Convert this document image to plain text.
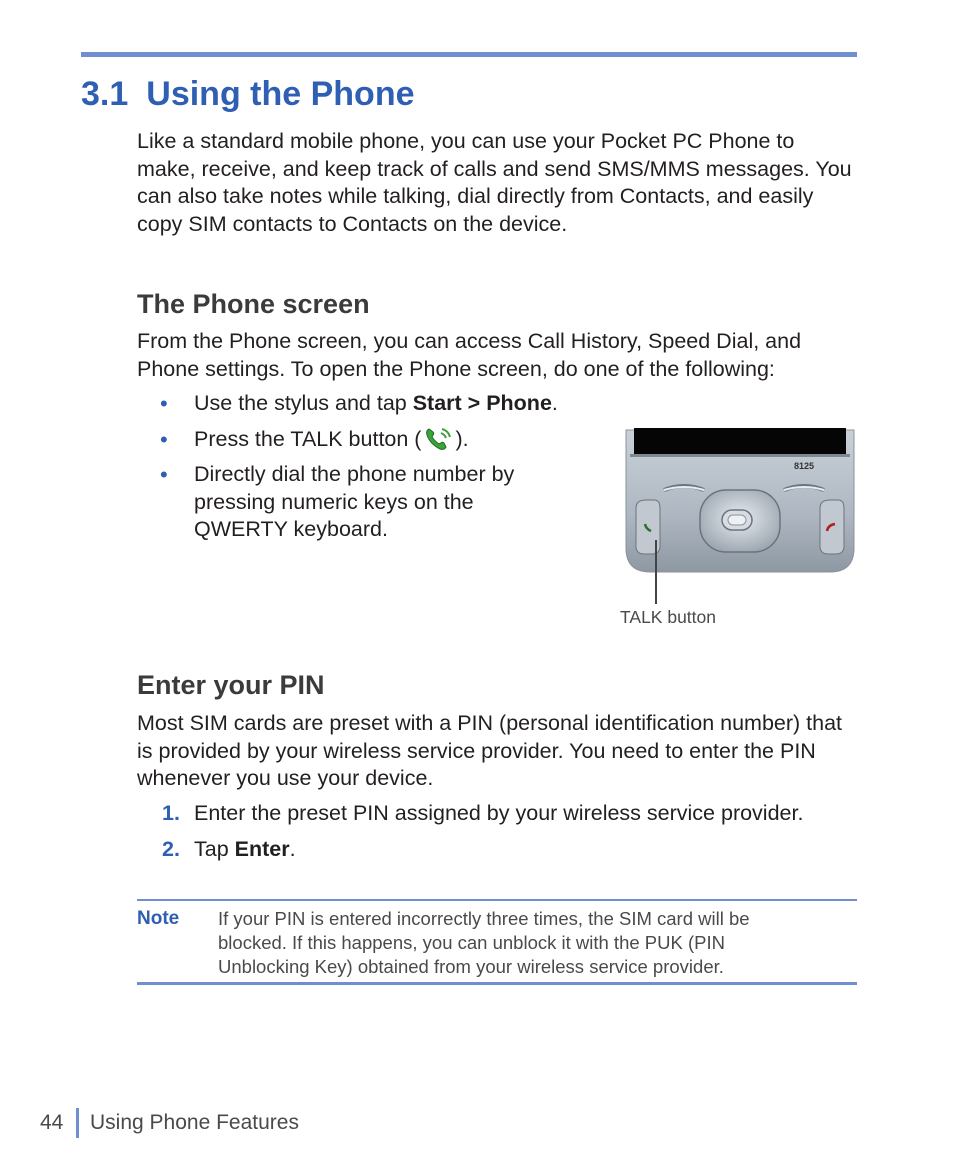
3.1 Using the Phone

Like a standard mobile phone, you can use your Pocket PC Phone to make, receive, and keep track of calls and send SMS/MMS messages. You can also take notes while talking, dial directly from Contacts, and easily copy SIM contacts to Contacts on the device.

The Phone screen

From the Phone screen, you can access Call History, Speed Dial, and Phone settings. To open the Phone screen, do one of the following:

• Use the stylus and tap Start > Phone.
• Press the TALK button ( ).
• Directly dial the phone number by pressing numeric keys on the QWERTY keyboard.
8125
TALK button
Enter your PIN

Most SIM cards are preset with a PIN (personal identification number) that is provided by your wireless service provider. You need to enter the PIN whenever you use your device.

1. Enter the preset PIN assigned by your wireless service provider.
2. Tap Enter.
Note If your PIN is entered incorrectly three times, the SIM card will be blocked. If this happens, you can unblock it with the PUK (PIN Unblocking Key) obtained from your wireless service provider.

44 Using Phone Features
